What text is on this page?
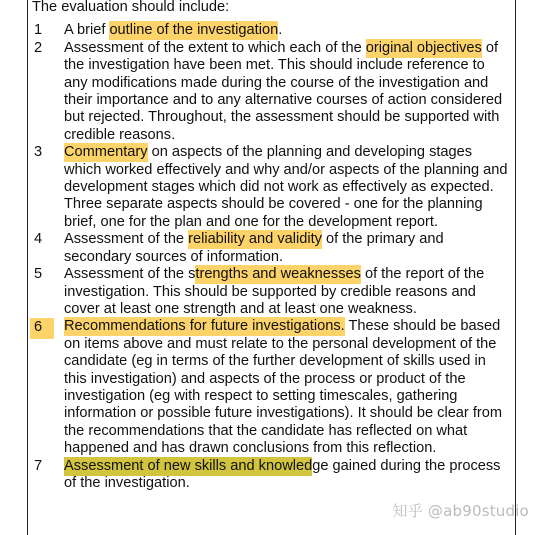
The evaluation should include:

1 A brief outline of the investigation.
2 Assessment of the extent to which each of the original objectives of the investigation have been met. This should include reference to any modifications made during the course of the investigation and their importance and to any alternative courses of action considered but rejected. Throughout, the assessment should be supported with credible reasons.
3 Commentary on aspects of the planning and developing stages which worked effectively and why and/or aspects of the planning and development stages which did not work as effectively as expected. Three separate aspects should be covered - one for the planning brief, one for the plan and one for the development report.
4 Assessment of the reliability and validity of the primary and secondary sources of information.
5 Assessment of the strengths and weaknesses of the report of the investigation. This should be supported by credible reasons and cover at least one strength and at least one weakness.
6	Recommendations for future investigations. These should be based on items above and must relate to the personal development of the candidate (eg in terms of the further development of skills used in this investigation) and aspects of the process or product of the investigation (eg with respect to setting timescales, gathering information or possible future investigations). It should be clear from the recommendations that the candidate has reflected on what happened and has drawn conclusions from this reflection.
7 Assessment of new skills and knowledge gained during the process of the investigation.
知乎 @ab90studio
